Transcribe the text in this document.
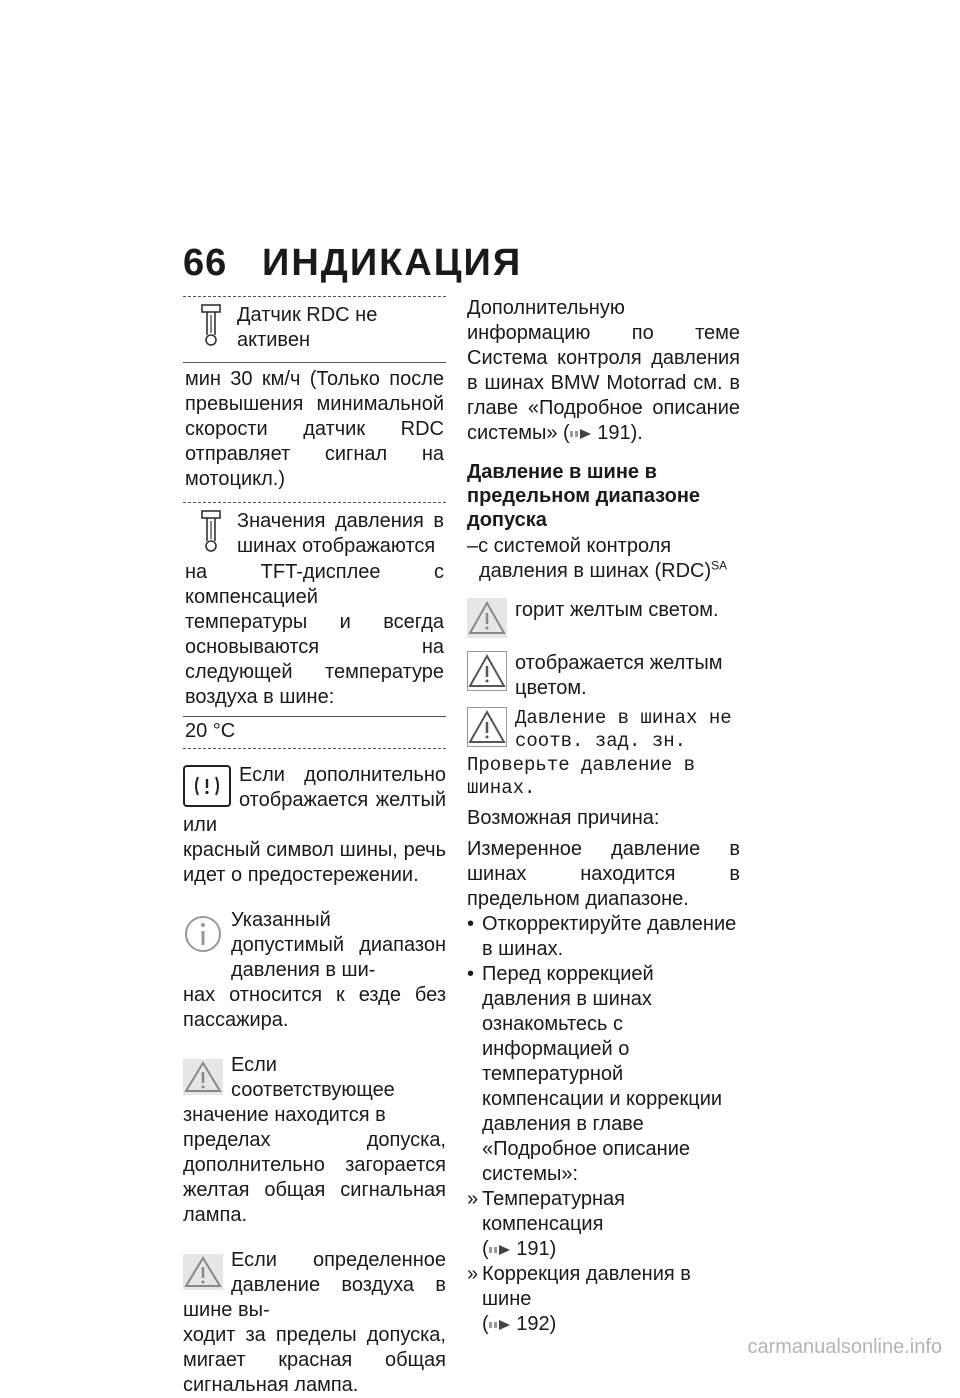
66 ИНДИКАЦИЯ

Датчик RDC не активен

мин 30 км/ч (Только после превышения минимальной скорости датчик RDC отправляет сигнал на мотоцикл.)

Значения давления в шинах отображаются

на TFT-дисплее с компенсацией температуры и всегда основываются на следующей температуре воздуха в шине:

20 °C

Если дополнительно отображается желтый или

красный символ шины, речь идет о предостережении.

Указанный допустимый диапазон давления в ши-

нах относится к езде без пассажира.

Если соответствующее значение находится в

пределах допуска, дополнительно загорается желтая общая сигнальная лампа.

Если определенное давление воздуха в шине вы-

ходит за пределы допуска, мигает красная общая сигнальная лампа.

Дополнительную информацию по теме Система контроля давления в шинах BMW Motorrad см. в главе «Подробное описание системы» ( 191).

Давление в шине в предельном диапазоне допуска

–с системой контроля давления в шинах (RDC)$^{SA}$

горит желтым светом.

отображается желтым цветом.

Давление в шинах не соотв. зад. зн.

Проверьте давление в шинах.

Возможная причина:

Измеренное давление в шинах находится в предельном диапазоне.

• Откорректируйте давление в шинах.
• Перед коррекцией давления в шинах ознакомьтесь с информацией о температурной компенсации и коррекции давления в главе «Подробное описание системы»:
» Температурная компенсация
( 191)
» Коррекция давления в шине
( 192)
carmanualsonline.info
